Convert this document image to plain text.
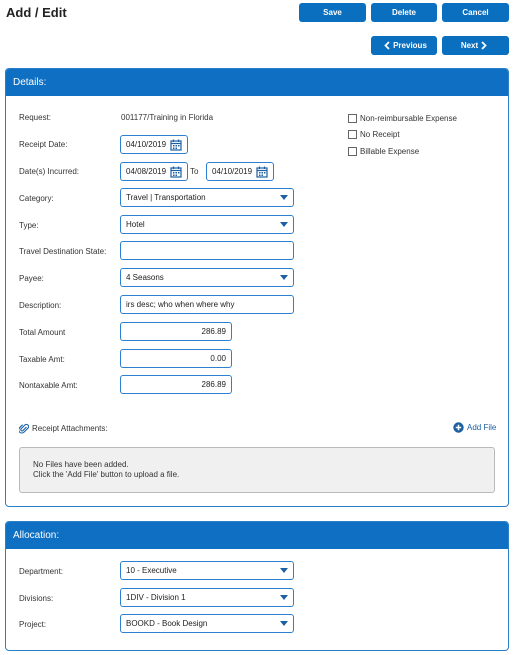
Add / Edit	Save	Delete	Cancel
Previous	Next
Details:
Request:	001177/Training in Florida
Receipt Date:	04/10/2019
Date(s) Incurred:	04/08/2019	To 04/10/2019
Category:	Travel | Transportation
Type:	Hotel
Travel Destination State:
Payee:	4 Seasons
Description:	irs desc; who when where why
Total Amount	286.89
Taxable Amt:	0.00
Nontaxable Amt:	286.89
Non-reimbursable Expense
No Receipt
Billable Expense
Receipt Attachments:	Add File
No Files have been added.
Click the 'Add File' button to upload a file.
Allocation:
Department:	10 - Executive
Divisions:	1DIV - Division 1
Project:	BOOKD - Book Design
